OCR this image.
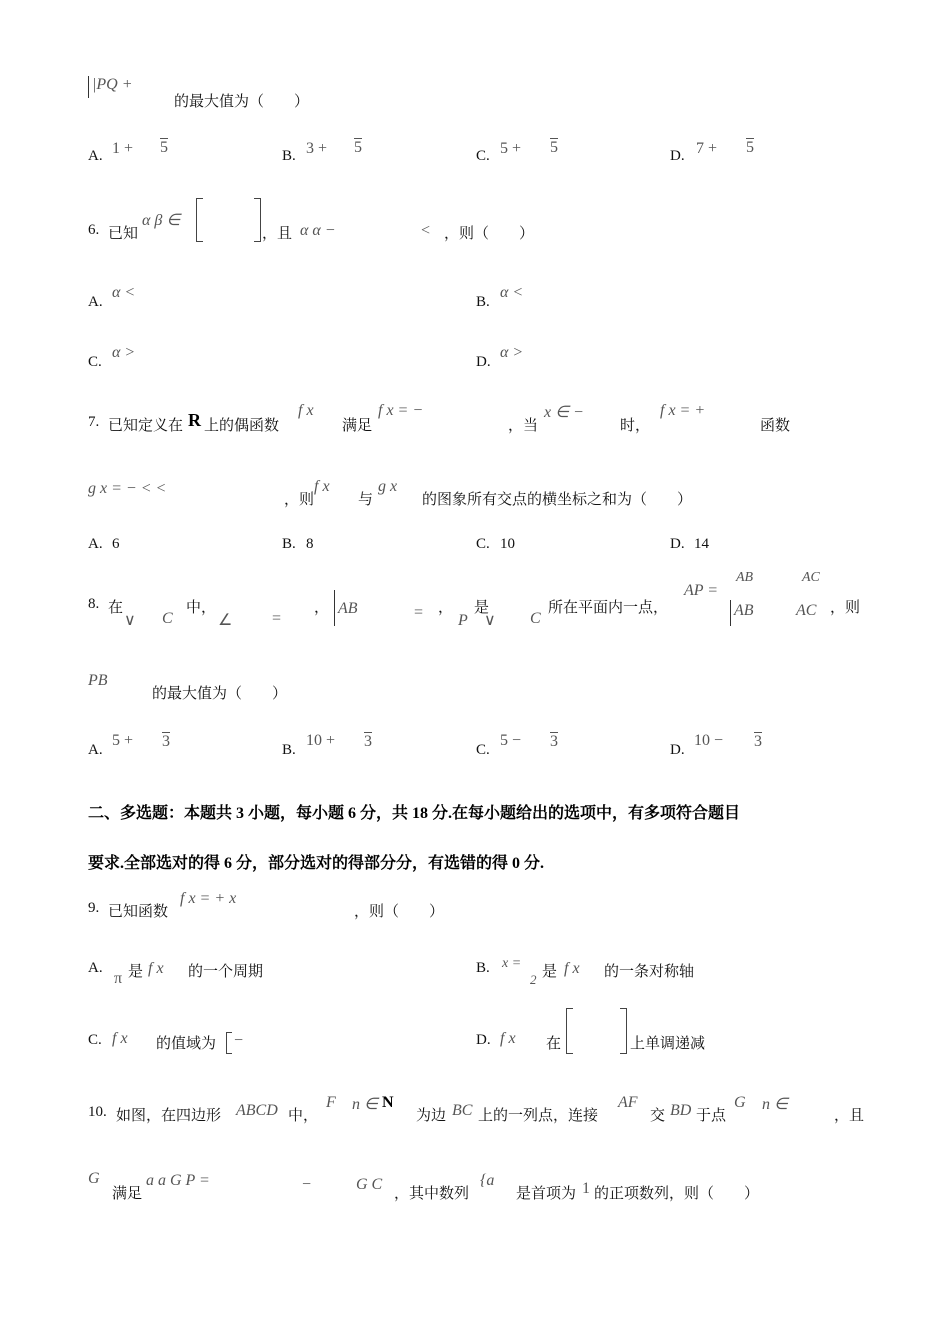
|PQ +
的最大值为（　　）
A. 1 + 5	B. 3 + 5	C. 5 + 5	D. 7 + 5
6. 已知
α β ∈
，且 α α −	< ，则（　　）
A.
α <
B.
α <
C.
α >
D.
α >
7. 已知定义在 R 上的偶函数
f x
满足
f x = −
，当
x ∈ −
时，
f x = +
函数
g x = − < <
，则
f x
与
g x
的图象所有交点的横坐标之和为（　　）
A. 6	B. 8	C. 10	D. 14
8. 在
∨ C
中，
∠ =
， AB	= ， 是
P ∨ C
所在平面内一点，
AP =
AB	AC
AB	AC ，则
PB
的最大值为（　　）
A.
5 + 3	B.
10 + 3	C.
5 − 3	D.
10 − 3
二、多选题：本题共 3 小题，每小题 6 分，共 18 分.在每小题给出的选项中，有多项符合题目
要求.全部选对的得 6 分，部分选对的得部分分，有选错的得 0 分.
9. 已知函数
f x = + x
，则（　　）
A.
π 是 f x 的一个周期	B. x =
2 是 f x 的一条对称轴
C. f x 的值域为 −	D. f x 在	上单调递减
10. 如图，在四边形 ABCD 中，
F n ∈ N
为边 BC 上的一列点，连接
AF
交 BD 于点
G n ∈
，且
G
满足
a a G P =	−	G C
，其中数列
{a
是首项为 1 的正项数列，则（　　）
